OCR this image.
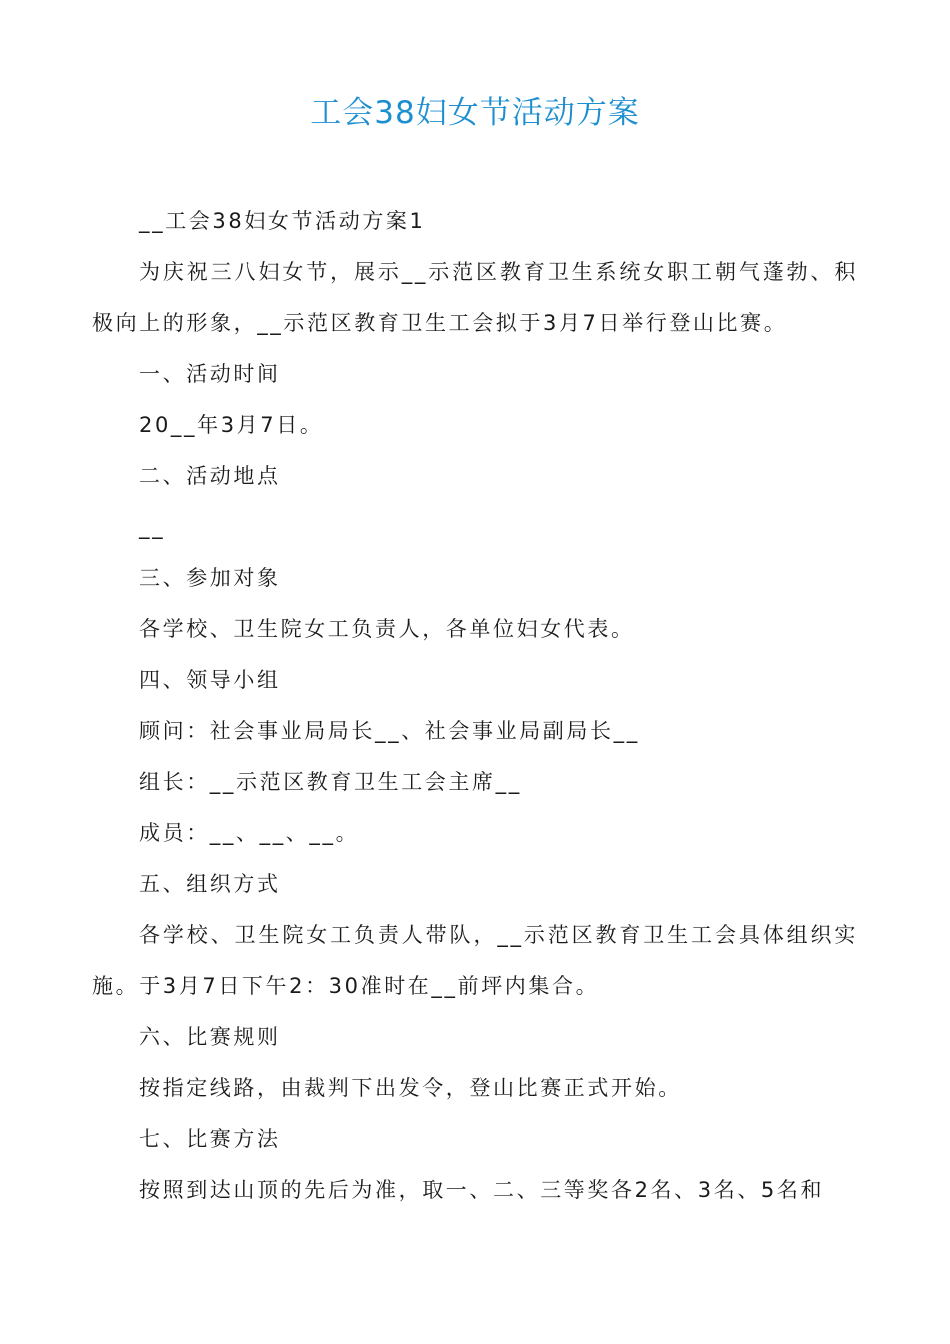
工会38妇女节活动方案

__工会38妇女节活动方案1

为庆祝三八妇女节，展示__示范区教育卫生系统女职工朝气蓬勃、积极向上的形象，__示范区教育卫生工会拟于3月7日举行登山比赛。

一、活动时间

20__年3月7日。

二、活动地点

__

三、参加对象

各学校、卫生院女工负责人，各单位妇女代表。

四、领导小组

顾问：社会事业局局长__、社会事业局副局长__

组长：__示范区教育卫生工会主席__

成员：__、__、__。

五、组织方式

各学校、卫生院女工负责人带队，__示范区教育卫生工会具体组织实施。于3月7日下午2：30准时在__前坪内集合。

六、比赛规则

按指定线路，由裁判下出发令，登山比赛正式开始。

七、比赛方法

按照到达山顶的先后为准，取一、二、三等奖各2名、3名、5名和
